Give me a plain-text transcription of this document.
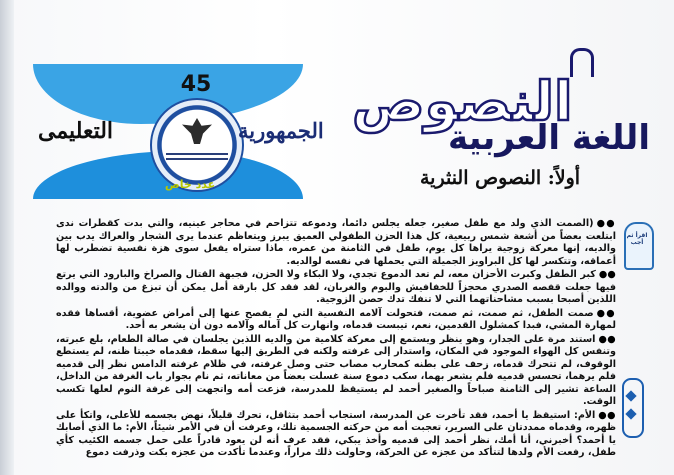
45
التعليمى	الجمهورية
عدد خاص
النصوص
اللغة العربية
أولاً: النصوص النثرية
اقرأ ثم أجب

●●(الصمت الذي ولد مع طفل صغير، جعله يجلس دائماً، ودموعه تتزاحم في محاجر عينيه، والتي بدت كقطرات ندى ابتلعت بعضاً من أشعة شمس ربيعية، كل هذا الحزن الطفولي العميق يبرز ويتعاظم عندما يرى الشجار والعراك يدب بين والديه، إنها معركة زوجية يراها كل يوم، طفل في الثامنة من عمره، ماذا ستراه يفعل سوى هزة نفسية تضطرب لها أعماقه، وتتكسر لها كل البراويز الجميلة التي يحملها في نفسه لوالديه.

●●كبر الطفل وكبرت الأحزان معه، لم تعد الدموع تجدي، ولا البكاء ولا الحزن، فجبهة القتال والصراخ والبارود التي يرتع فيها جعلت قفصه الصدري محجزاً للخفافيش والبوم والغربان، لقد فقد كل بارقة أمل يمكن أن تبزغ من والدته ووالده اللذين أصبحا بسبب مشاحناتهما التي لا تنفك تدك حصن الزوجية.

●●صمت الطفل، ثم صمت، ثم صمت، فتحولت آلامه النفسية التي لم يفصح عنها إلى أمراض عضوية، أقساها فقده لمهارة المشي، فبدا كمشلول القدمين، نعم، تيبست قدماه، وانهارت كل آماله وآلامه دون أن يشعر به أحد.

●●استند مرة على الجدار، وهو ينظر ويستمع إلى معركة كلامية من والديه اللذين يجلسان في صالة الطعام، بلع عبرته، وتنفس كل الهواء الموجود في المكان، واستدار إلى غرفته ولكنه في الطريق إليها سقط، فقدماه خيبتا ظنه، لم يستطع الوقوف، لم تتحرك قدماه، زحف على بطنه كمحارب مصاب حتى وصل غرفته، في ظلام غرفته الدامس نظر إلى قدميه فلم يرهما، تحسس قدميه فلم يشعر بهما، سكب دموع سنة غسلت بعضاً من معاناته، ثم نام بجوار باب الغرفة من الداخل، الساعة تشير إلى الثامنة صباحاً والصغير أحمد لم يستيقظ للمدرسة، فزعت أمه واتجهت إلى غرفة النوم لعلها تكسب الوقت.

●●الأم: استيقظ يا أحمد، فقد تأخرت عن المدرسة، استجاب أحمد بتثاقل، تحرك قليلاً، نهض بجسمه للأعلى، واتكأ على ظهره، وقدماه ممددتان على السرير، تعجبت أمه من حركته الجسمية تلك، وعرفت أن في الأمر شيئاً، الأم: ما الذي أصابك يا أحمد؟ أخبرني، أنا أمك، نظر أحمد إلى قدميه وأخذ يبكي، فقد عرف أنه لن يعود قادراً على حمل جسمه الكئيب كأي طفل، رفعت الأم ولدها لتتأكد من عجزه عن الحركة، وحاولت ذلك مراراً، وعندما تأكدت من عجزه بكت وذرفت دموع
